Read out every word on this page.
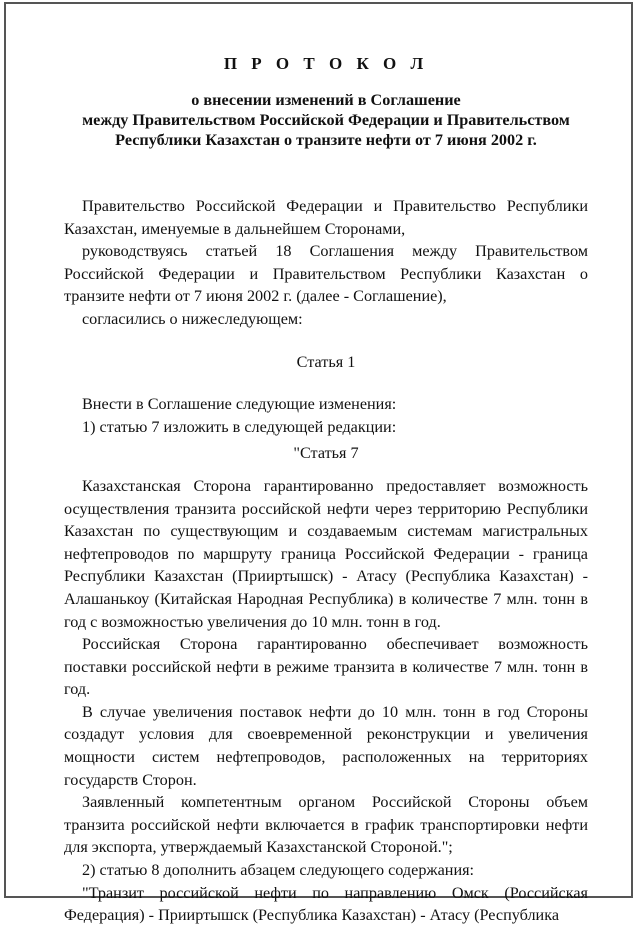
П Р О Т О К О Л

о внесении изменений в Соглашение

между Правительством Российской Федерации и Правительством

Республики Казахстан о транзите нефти от 7 июня 2002 г.

Правительство Российской Федерации и Правительство Республики Казахстан, именуемые в дальнейшем Сторонами,

руководствуясь статьей 18 Соглашения между Правительством Российской Федерации и Правительством Республики Казахстан о транзите нефти от 7 июня 2002 г. (далее - Соглашение),

согласились о нижеследующем:

Статья 1

Внести в Соглашение следующие изменения:

1) статью 7 изложить в следующей редакции:

"Статья 7

Казахстанская Сторона гарантированно предоставляет возможность осуществления транзита российской нефти через территорию Республики Казахстан по существующим и создаваемым системам магистральных нефтепроводов по маршруту граница Российской Федерации - граница Республики Казахстан (Прииртышск) - Атасу (Республика Казахстан) - Алашанькоу (Китайская Народная Республика) в количестве 7 млн. тонн в год с возможностью увеличения до 10 млн. тонн в год.

Российская Сторона гарантированно обеспечивает возможность поставки российской нефти в режиме транзита в количестве 7 млн. тонн в год.

В случае увеличения поставок нефти до 10 млн. тонн в год Стороны создадут условия для своевременной реконструкции и увеличения мощности систем нефтепроводов, расположенных на территориях государств Сторон.

Заявленный компетентным органом Российской Стороны объем транзита российской нефти включается в график транспортировки нефти для экспорта, утверждаемый Казахстанской Стороной.";

2) статью 8 дополнить абзацем следующего содержания:

"Транзит российской нефти по направлению Омск (Российская Федерация) - Прииртышск (Республика Казахстан) - Атасу (Республика
